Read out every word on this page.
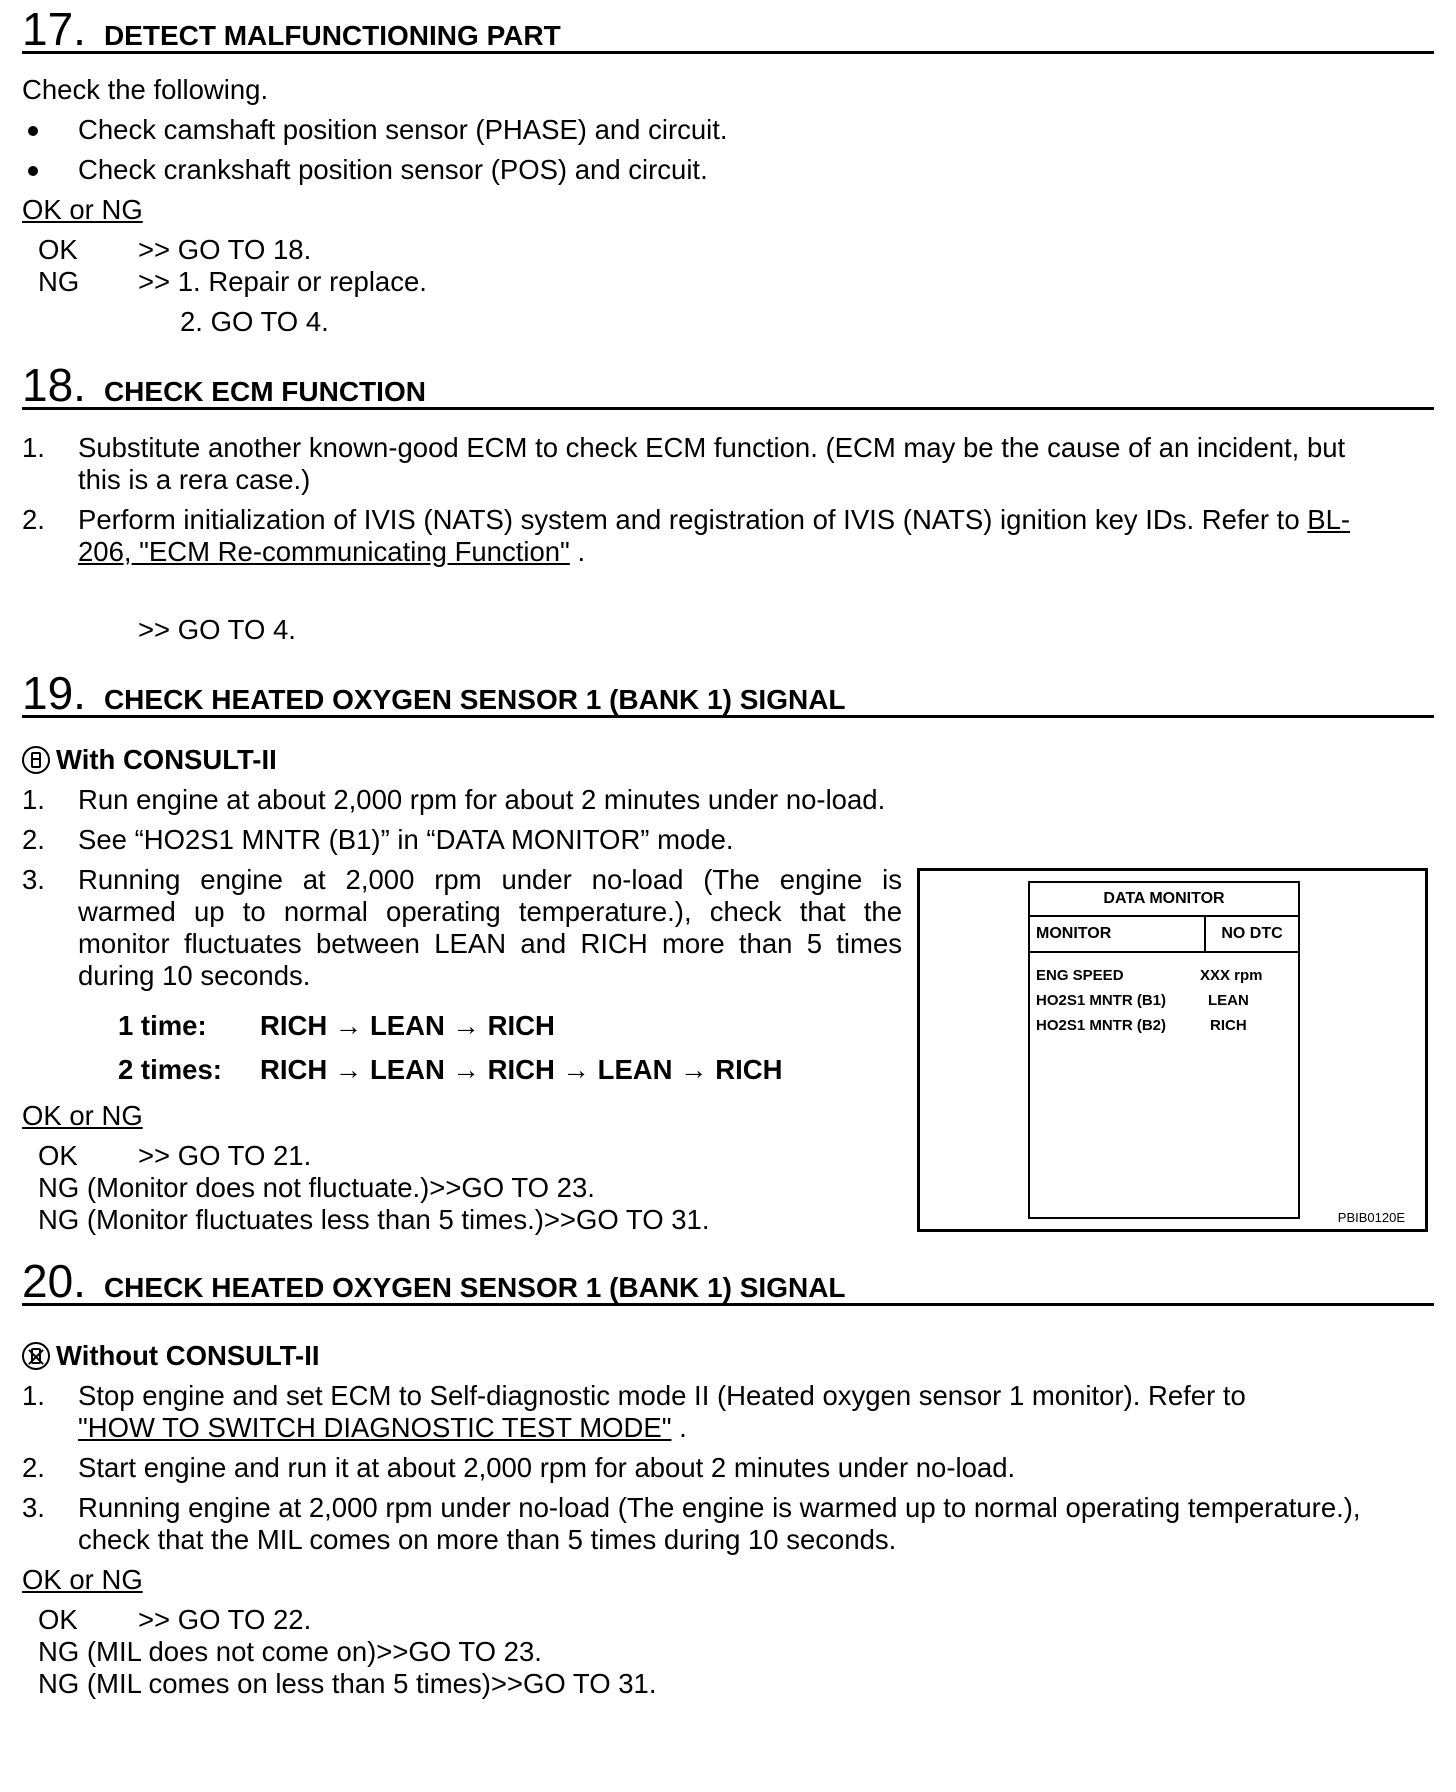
17. DETECT MALFUNCTIONING PART
Check the following.
Check camshaft position sensor (PHASE) and circuit.
Check crankshaft position sensor (POS) and circuit.
OK or NG
OK >> GO TO 18.
NG >> 1. Repair or replace.
2. GO TO 4.
18. CHECK ECM FUNCTION
1. Substitute another known-good ECM to check ECM function. (ECM may be the cause of an incident, but
this is a rera case.)
2. Perform initialization of IVIS (NATS) system and registration of IVIS (NATS) ignition key IDs. Refer to BL-
206, "ECM Re-communicating Function" .
>> GO TO 4.
19. CHECK HEATED OXYGEN SENSOR 1 (BANK 1) SIGNAL
With CONSULT-II
1. Run engine at about 2,000 rpm for about 2 minutes under no-load.
2. See “HO2S1 MNTR (B1)” in “DATA MONITOR” mode.
3. Running engine at 2,000 rpm under no-load (The engine is
warmed up to normal operating temperature.), check that the
monitor fluctuates between LEAN and RICH more than 5 times
during 10 seconds.
1 time: RICH → LEAN → RICH
2 times: RICH → LEAN → RICH → LEAN → RICH
OK or NG
OK >> GO TO 21.
NG (Monitor does not fluctuate.)>>GO TO 23.
NG (Monitor fluctuates less than 5 times.)>>GO TO 31.
DATA MONITOR
MONITOR	NO DTC
ENG SPEED	XXX rpm
HO2S1 MNTR (B1)	LEAN
HO2S1 MNTR (B2)	RICH
PBIB0120E
20. CHECK HEATED OXYGEN SENSOR 1 (BANK 1) SIGNAL
Without CONSULT-II
1. Stop engine and set ECM to Self-diagnostic mode II (Heated oxygen sensor 1 monitor). Refer to
"HOW TO SWITCH DIAGNOSTIC TEST MODE" .
2. Start engine and run it at about 2,000 rpm for about 2 minutes under no-load.
3. Running engine at 2,000 rpm under no-load (The engine is warmed up to normal operating temperature.),
check that the MIL comes on more than 5 times during 10 seconds.
OK or NG
OK >> GO TO 22.
NG (MIL does not come on)>>GO TO 23.
NG (MIL comes on less than 5 times)>>GO TO 31.
